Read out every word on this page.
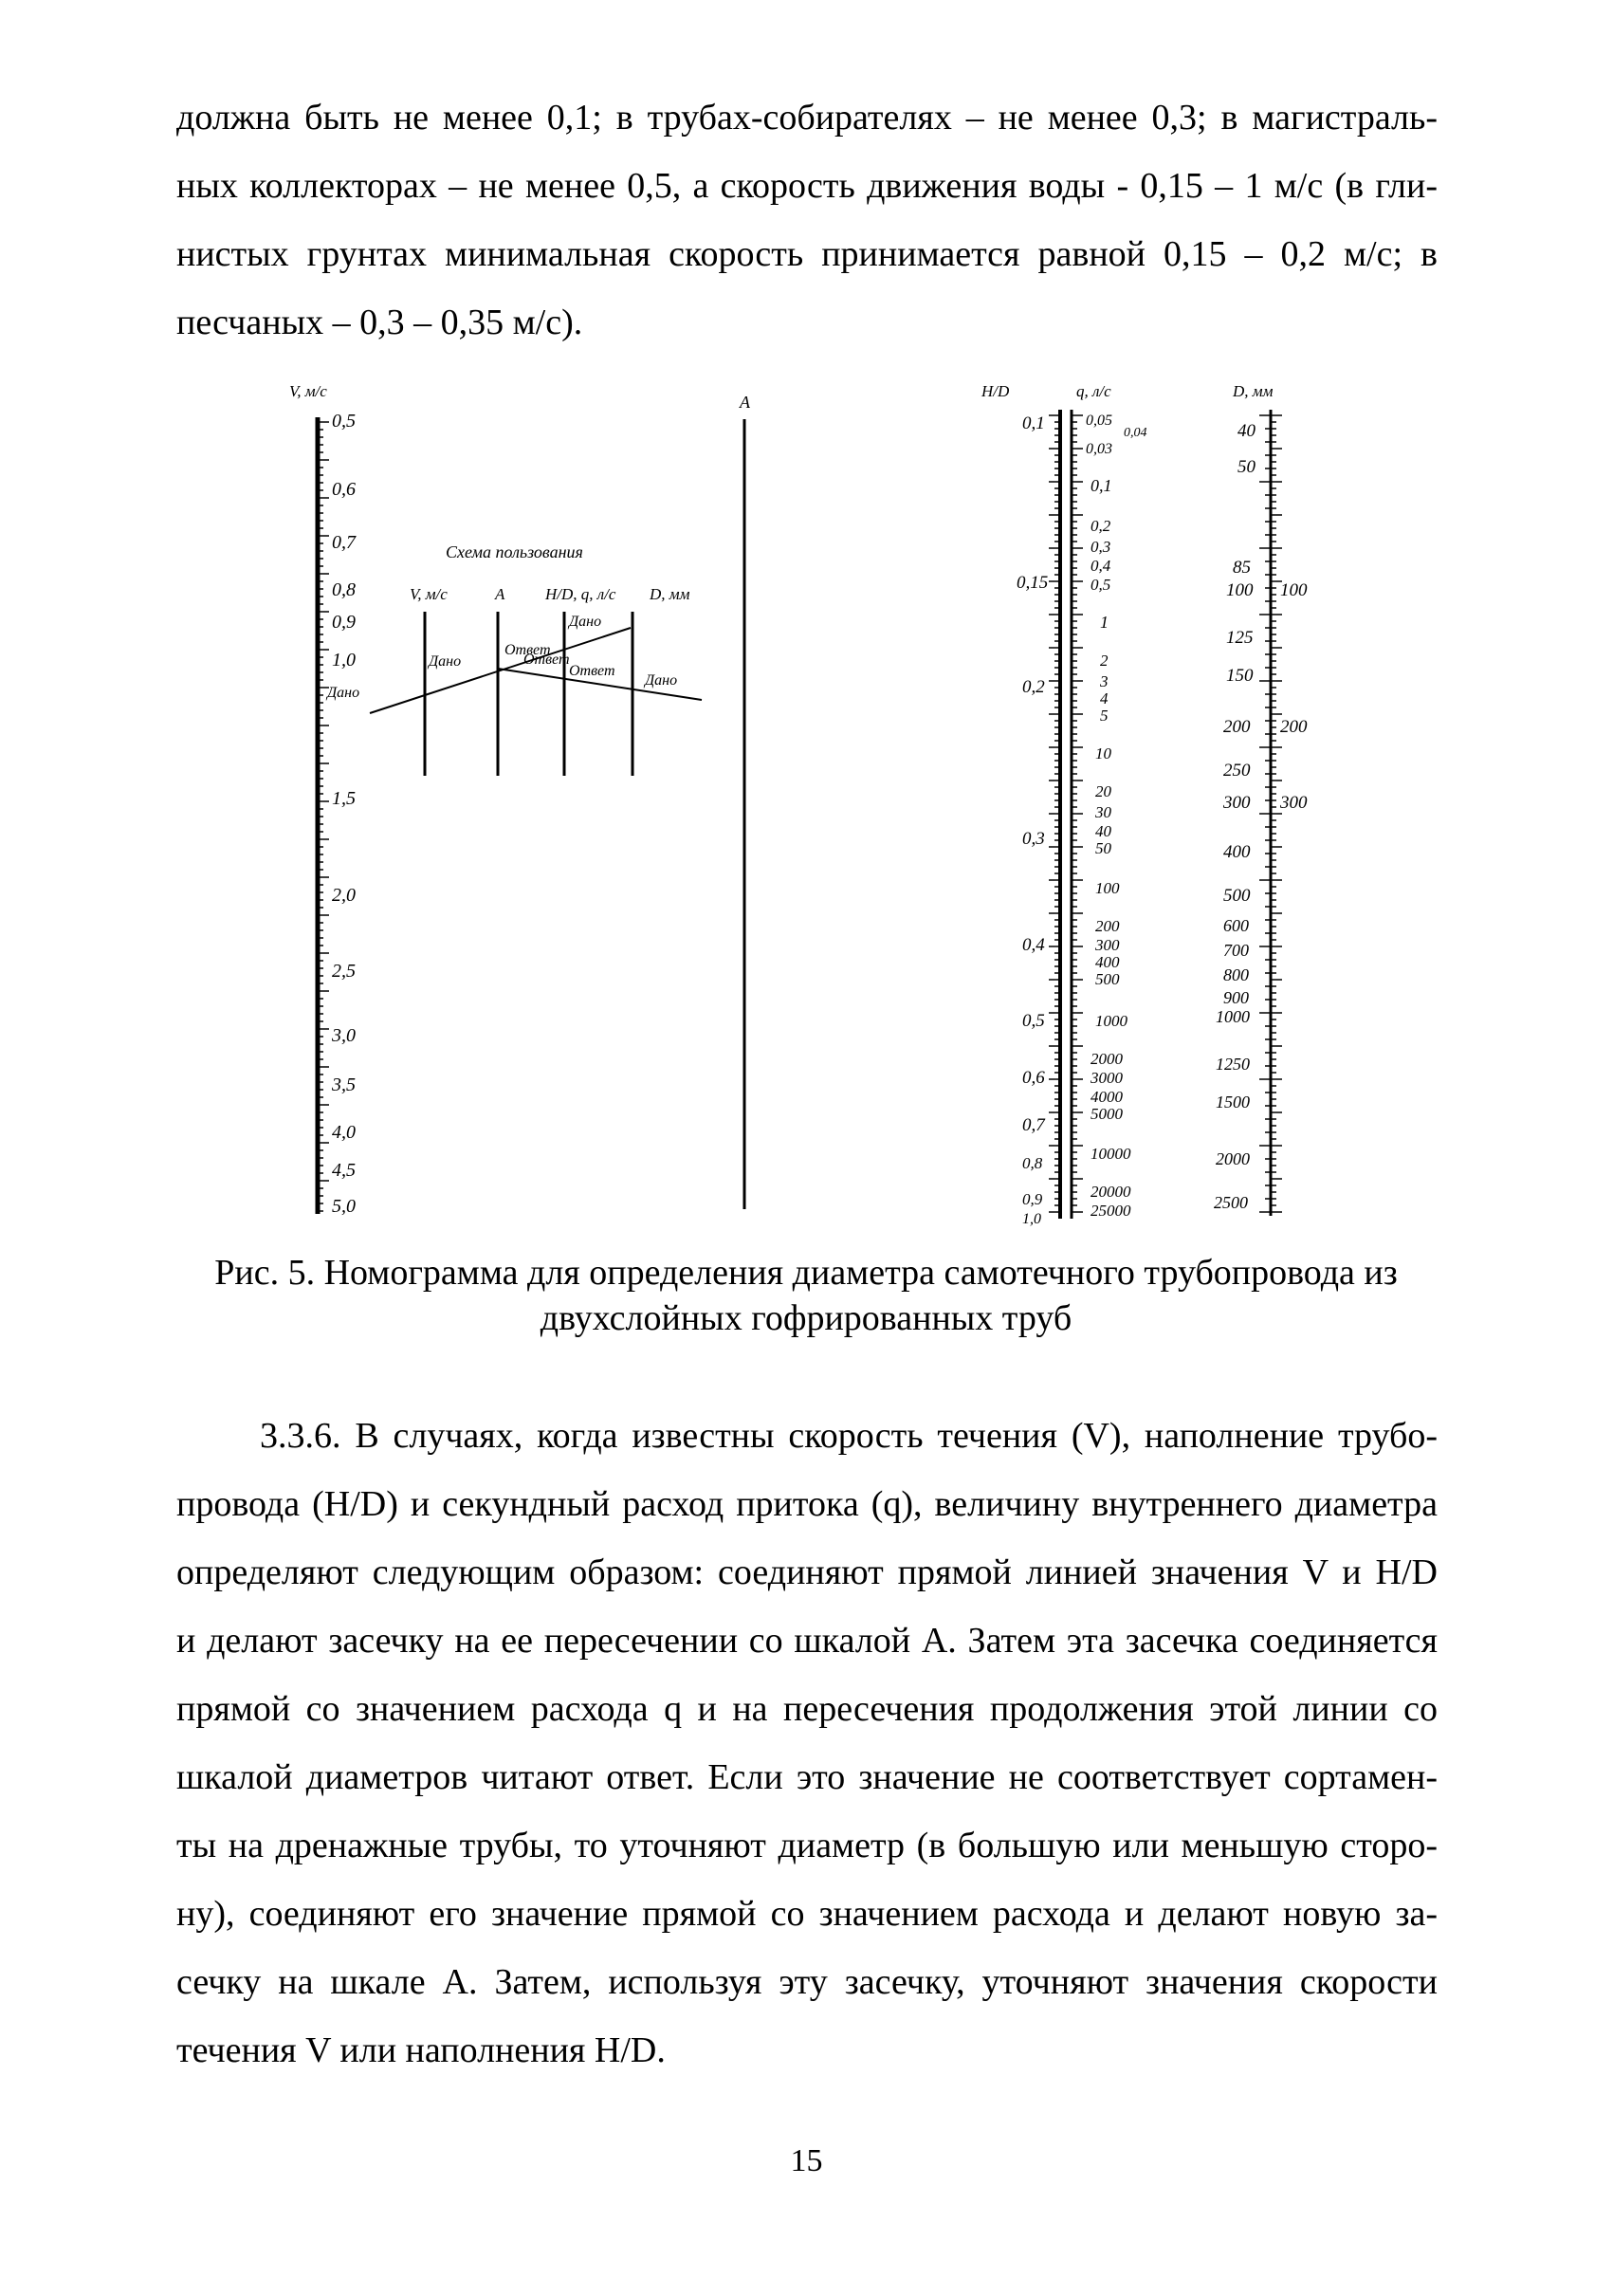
должна быть не менее 0,1; в трубах-собирателях – не менее 0,3; в магистраль-
ных коллекторах – не менее 0,5, а скорость движения воды - 0,15 – 1 м/с (в гли-
нистых грунтах минимальная скорость принимается равной 0,15 – 0,2 м/с; в
песчаных – 0,3 – 0,35 м/с).
V, м/с
0,5
0,6
0,7
0,8
0,9
1,0
1,5
2,0
2,5
3,0
3,5
4,0
4,5
5,0
А
Схема пользования
V, м/с	А	H/D, q, л/с D, мм
Дано
Дано
Дано
Дано
Ответ
Ответ
Ответ
H/D
0,1
0,15
0,2
0,3
0,4
0,5
0,6
0,7
0,8
0,9
1,0
q, л/с
0,05
0,04
0,03
0,1
0,2
0,3
0,4
0,5
1
2
3
4
5
10
20
30
40
50
100
200
300
400
500
1000
2000
3000
4000
5000
10000
20000
25000
D, мм
40
50
85
100
125
150
200
250
300
400
500
600
700
800
900
1000
1250
1500
2000
2500
100
200
300
Рис. 5. Номограмма для определения диаметра самотечного трубопровода из
двухслойных гофрированных труб
3.3.6. В случаях, когда известны скорость течения (V), наполнение трубо-
провода (H/D) и секундный расход притока (q), величину внутреннего диаметра
определяют следующим образом: соединяют прямой линией значения V и H/D
и делают засечку на ее пересечении со шкалой А. Затем эта засечка соединяется
прямой со значением расхода q и на пересечения продолжения этой линии со
шкалой диаметров читают ответ. Если это значение не соответствует сортамен-
ты на дренажные трубы, то уточняют диаметр (в большую или меньшую сторо-
ну), соединяют его значение прямой со значением расхода и делают новую за-
сечку на шкале А. Затем, используя эту засечку, уточняют значения скорости
течения V или наполнения H/D.
15
